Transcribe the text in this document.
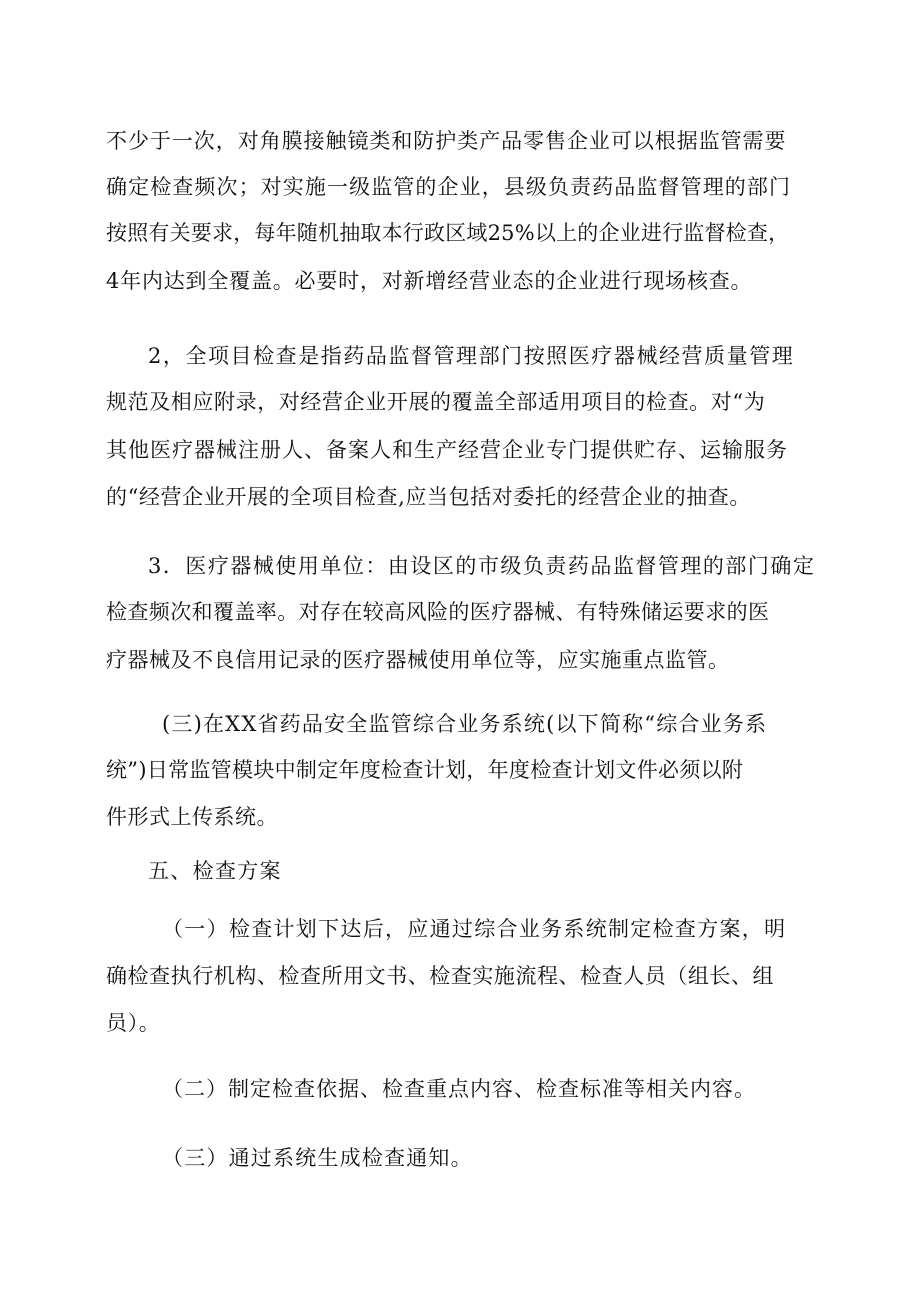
不少于一次，对角膜接触镜类和防护类产品零售企业可以根据监管需要
确定检查频次；对实施一级监管的企业，县级负责药品监督管理的部门
按照有关要求，每年随机抽取本行政区域25%以上的企业进行监督检查，
4年内达到全覆盖。必要时，对新增经营业态的企业进行现场核查。
2，全项目检查是指药品监督管理部门按照医疗器械经营质量管理
规范及相应附录，对经营企业开展的覆盖全部适用项目的检查。对“为
其他医疗器械注册人、备案人和生产经营企业专门提供贮存、运输服务
的“经营企业开展的全项目检查,应当包括对委托的经营企业的抽查。
3．医疗器械使用单位：由设区的市级负责药品监督管理的部门确定
检查频次和覆盖率。对存在较高风险的医疗器械、有特殊储运要求的医
疗器械及不良信用记录的医疗器械使用单位等，应实施重点监管。
(三)在XX省药品安全监管综合业务系统(以下简称“综合业务系
统”)日常监管模块中制定年度检查计划，年度检查计划文件必须以附
件形式上传系统。
五、检查方案
（一）检查计划下达后，应通过综合业务系统制定检查方案，明
确检查执行机构、检查所用文书、检查实施流程、检查人员（组长、组
员）。
（二）制定检查依据、检查重点内容、检查标准等相关内容。
（三）通过系统生成检查通知。
